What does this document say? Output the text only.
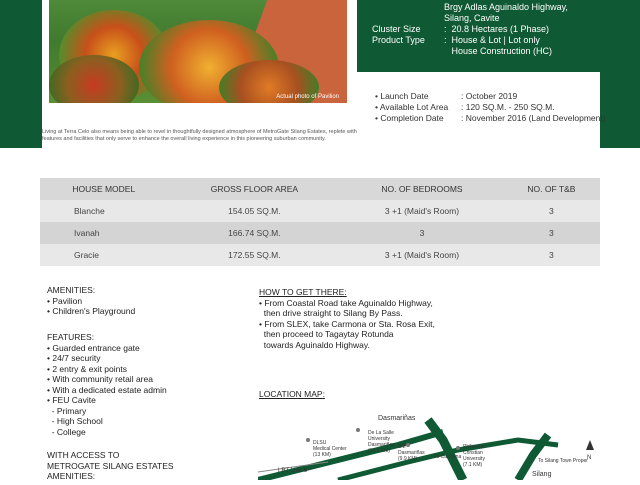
Actual photo of Pavilion
Brgy Adlas Aguinaldo Highway,
Silang, Cavite
Cluster Size	:  20.8 Hectares (1 Phase)
Product Type	:  House & Lot | Lot only
House Construction (HC)
• Launch Date	: October 2019
• Available Lot Area	: 120 SQ.M. - 250 SQ.M.
• Completion Date	: November 2016 (Land Development)
Living at Terra Celo also means being able to revel in thoughtfully designed atmosphere of MetroGate Silang Estates, replete with features and facilities that only serve to enhance the overall living experience in this pioneering suburban community.
HOUSE MODEL	GROSS FLOOR AREA	NO. OF BEDROOMS	NO. OF T&B
Blanche	154.05 SQ.M.	3 +1 (Maid's Room)	3
Ivanah	166.74 SQ.M.	3	3
Gracie	172.55 SQ.M.	3 +1 (Maid's Room)	3
AMENITIES:
• Pavilion
• Children's Playground
FEATURES:
• Guarded entrance gate
• 24/7 security
• 2 entry & exit points
• With community retail area
• With a dedicated estate admin
• FEU Cavite
- Primary
- High School
- College
WITH ACCESS TO
METROGATE SILANG ESTATES
AMENITIES:
HOW TO GET THERE:
• From Coastal Road take Aguinaldo Highway,
then drive straight to Silang By Pass.
• From SLEX, take Carmona or Sta. Rosa Exit,
then proceed to Tagaytay Rotunda
towards Aguinaldo Highway.
LOCATION MAP:
Dasmariñas
De La Salle
University
Dasmariñas
(14.5 KM)
DLSU
Medical Center
(13 KM)
SM
Dasmariñas
(9.9 KM)
Philippine
Christian
University
(7.1 KM)
LRT Line 6
To Carmona
To Silang Town Proper
Silang
N
